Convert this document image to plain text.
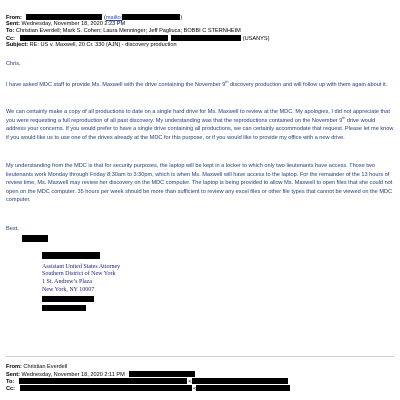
From:	(mailto:	)
Sent: Wednesday, November 18, 2020 2:23 PM
To: Christian Everdell; Mark S. Cohen; Laura Menninger; Jeff Pagliuca; BOBBI C STERNHEIM
Cc:	(USANYS)
Subject: RE: US v. Maxwell, 20 Cr. 330 (AJN) - discovery production
Chris,
I have asked MDC staff to provide Ms. Maxwell with the drive containing the November 9th discovery production and will follow up with them again about it.
We can certainly make a copy of all productions to date on a single hard drive for Ms. Maxwell to review at the MDC. My apologies, I did not appreciate that you were requesting a full reproduction of all past discovery. My understanding was that the reproductions contained on the November 9th drive would address your concerns. If you would prefer to have a single drive containing all productions, we can certainly accommodate that request. Please let me know if you would like us to use one of the drives already at the MDC for this purpose, or if you would like to provide my office with a new drive.
My understanding from the MDC is that for security purposes, the laptop will be kept in a locker to which only two lieutenants have access. Those two lieutenants work Monday through Friday 8:30am to 3:30pm, which is when Ms. Maxwell will have access to the laptop. For the remainder of the 13 hours of review time, Ms. Maxwell may review her discovery on the MDC computer. The laptop is being provided to allow Ms. Maxwell to open files that she could not open on the MDC computer. 35 hours per week should be more than sufficient to review any excel files or other file types that cannot be viewed on the MDC computer.
Best,
Assistant United States Attorney
Southern District of New York
1 St. Andrew’s Plaza
New York, NY 10007
From: Christian Everdell
Sent: Wednesday, November 18, 2020 2:11 PM
To:	<
Cc:	<
